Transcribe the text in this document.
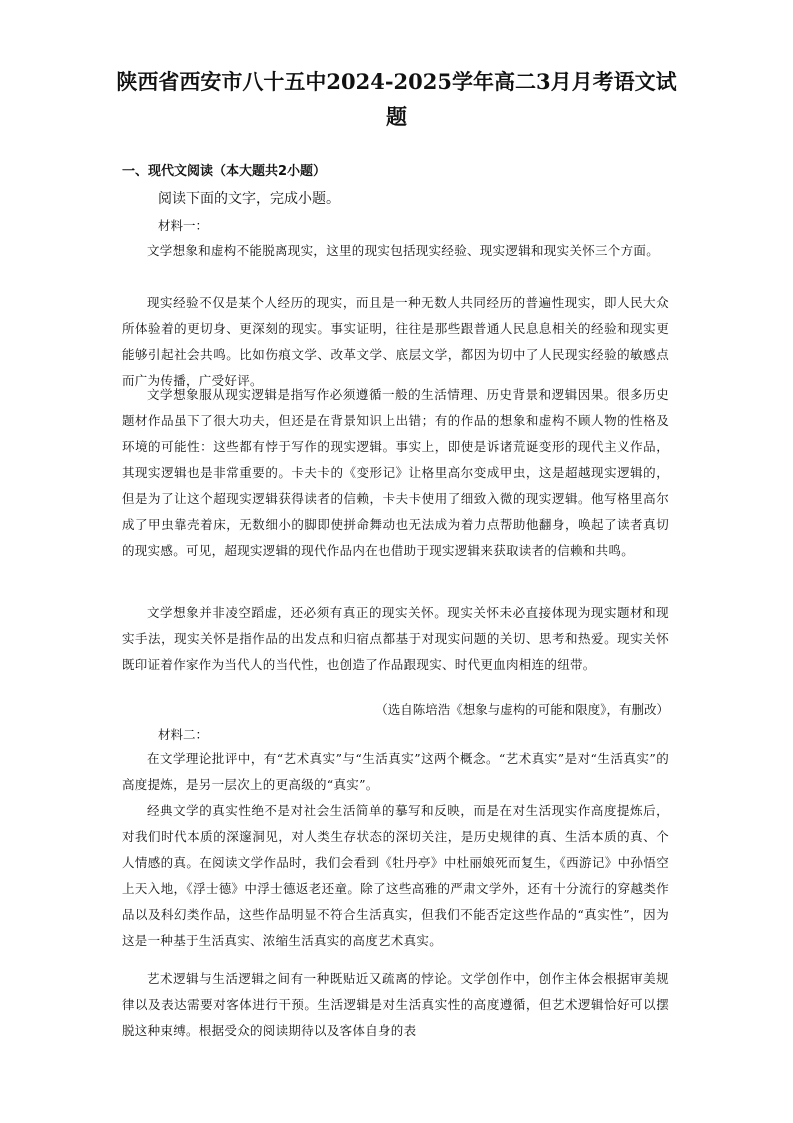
陕西省西安市八十五中2024-2025学年高二3月月考语文试题

一、现代文阅读（本大题共2小题）

阅读下面的文字，完成小题。

材料一：

文学想象和虚构不能脱离现实，这里的现实包括现实经验、现实逻辑和现实关怀三个方面。

现实经验不仅是某个人经历的现实，而且是一种无数人共同经历的普遍性现实，即人民大众所体验着的更切身、更深刻的现实。事实证明，往往是那些跟普通人民息息相关的经验和现实更能够引起社会共鸣。比如伤痕文学、改革文学、底层文学，都因为切中了人民现实经验的敏感点而广为传播，广受好评。

文学想象服从现实逻辑是指写作必须遵循一般的生活情理、历史背景和逻辑因果。很多历史题材作品虽下了很大功夫，但还是在背景知识上出错；有的作品的想象和虚构不顾人物的性格及环境的可能性：这些都有悖于写作的现实逻辑。事实上，即使是诉诸荒诞变形的现代主义作品，其现实逻辑也是非常重要的。卡夫卡的《变形记》让格里高尔变成甲虫，这是超越现实逻辑的，但是为了让这个超现实逻辑获得读者的信赖，卡夫卡使用了细致入微的现实逻辑。他写格里高尔成了甲虫靠壳着床，无数细小的脚即使拼命舞动也无法成为着力点帮助他翻身，唤起了读者真切的现实感。可见，超现实逻辑的现代作品内在也借助于现实逻辑来获取读者的信赖和共鸣。

文学想象并非凌空蹈虚，还必须有真正的现实关怀。现实关怀未必直接体现为现实题材和现实手法，现实关怀是指作品的出发点和归宿点都基于对现实问题的关切、思考和热爱。现实关怀既印证着作家作为当代人的当代性，也创造了作品跟现实、时代更血肉相连的纽带。

（选自陈培浩《想象与虚构的可能和限度》，有删改）

材料二：

在文学理论批评中，有“艺术真实”与“生活真实”这两个概念。“艺术真实”是对“生活真实”的高度提炼，是另一层次上的更高级的“真实”。

经典文学的真实性绝不是对社会生活简单的摹写和反映，而是在对生活现实作高度提炼后，对我们时代本质的深邃洞见，对人类生存状态的深切关注，是历史规律的真、生活本质的真、个人情感的真。在阅读文学作品时，我们会看到《牡丹亭》中杜丽娘死而复生，《西游记》中孙悟空上天入地，《浮士德》中浮士德返老还童。除了这些高雅的严肃文学外，还有十分流行的穿越类作品以及科幻类作品，这些作品明显不符合生活真实，但我们不能否定这些作品的“真实性”，因为这是一种基于生活真实、浓缩生活真实的高度艺术真实。

艺术逻辑与生活逻辑之间有一种既贴近又疏离的悖论。文学创作中，创作主体会根据审美规律以及表达需要对客体进行干预。生活逻辑是对生活真实性的高度遵循，但艺术逻辑恰好可以摆脱这种束缚。根据受众的阅读期待以及客体自身的表
